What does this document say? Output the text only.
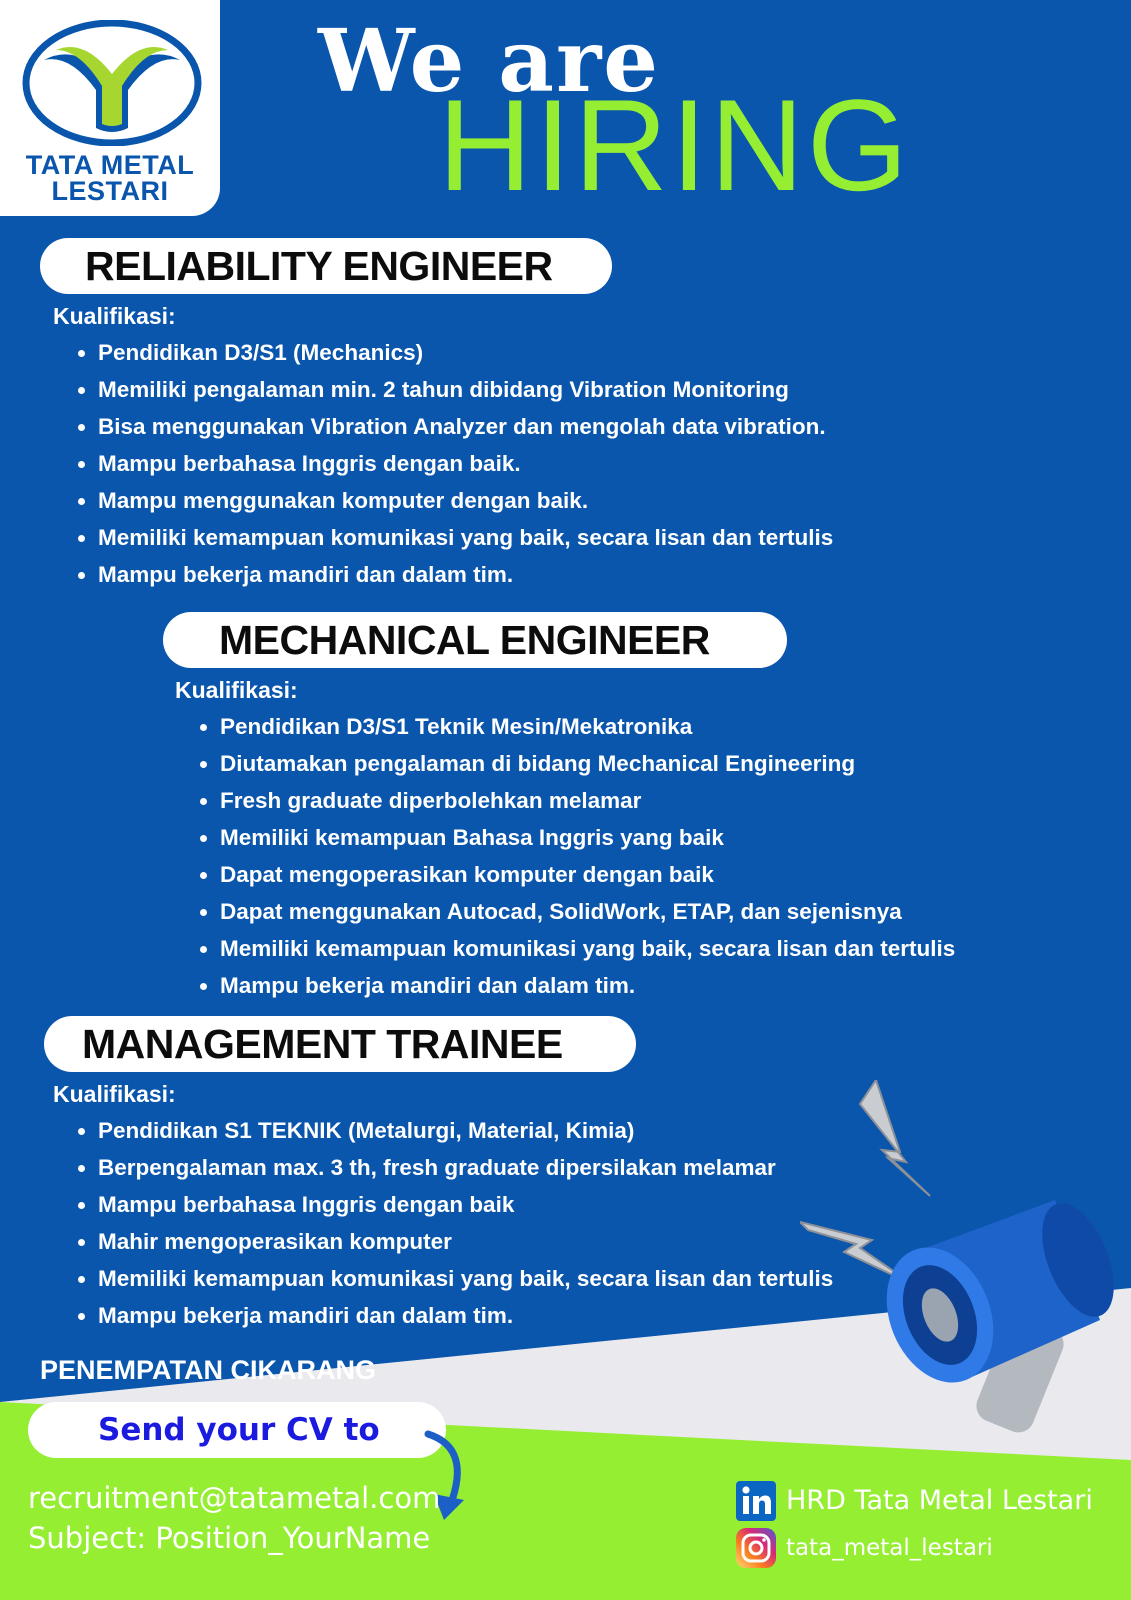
TATA METAL
LESTARI
We are
HIRING
RELIABILITY ENGINEER
Kualifikasi:
• Pendidikan D3/S1 (Mechanics)
• Memiliki pengalaman min. 2 tahun dibidang Vibration Monitoring
• Bisa menggunakan Vibration Analyzer dan mengolah data vibration.
• Mampu berbahasa Inggris dengan baik.
• Mampu menggunakan komputer dengan baik.
• Memiliki kemampuan komunikasi yang baik, secara lisan dan tertulis
• Mampu bekerja mandiri dan dalam tim.
MECHANICAL ENGINEER
Kualifikasi:
• Pendidikan D3/S1 Teknik Mesin/Mekatronika
• Diutamakan pengalaman di bidang Mechanical Engineering
• Fresh graduate diperbolehkan melamar
• Memiliki kemampuan Bahasa Inggris yang baik
• Dapat mengoperasikan komputer dengan baik
• Dapat menggunakan Autocad, SolidWork, ETAP, dan sejenisnya
• Memiliki kemampuan komunikasi yang baik, secara lisan dan tertulis
• Mampu bekerja mandiri dan dalam tim.
MANAGEMENT TRAINEE
Kualifikasi:
• Pendidikan S1 TEKNIK (Metalurgi, Material, Kimia)
• Berpengalaman max. 3 th, fresh graduate dipersilakan melamar
• Mampu berbahasa Inggris dengan baik
• Mahir mengoperasikan komputer
• Memiliki kemampuan komunikasi yang baik, secara lisan dan tertulis
• Mampu bekerja mandiri dan dalam tim.
PENEMPATAN CIKARANG
Send your CV to
recruitment@tatametal.com
Subject: Position_YourName
HRD Tata Metal Lestari
tata_metal_lestari
